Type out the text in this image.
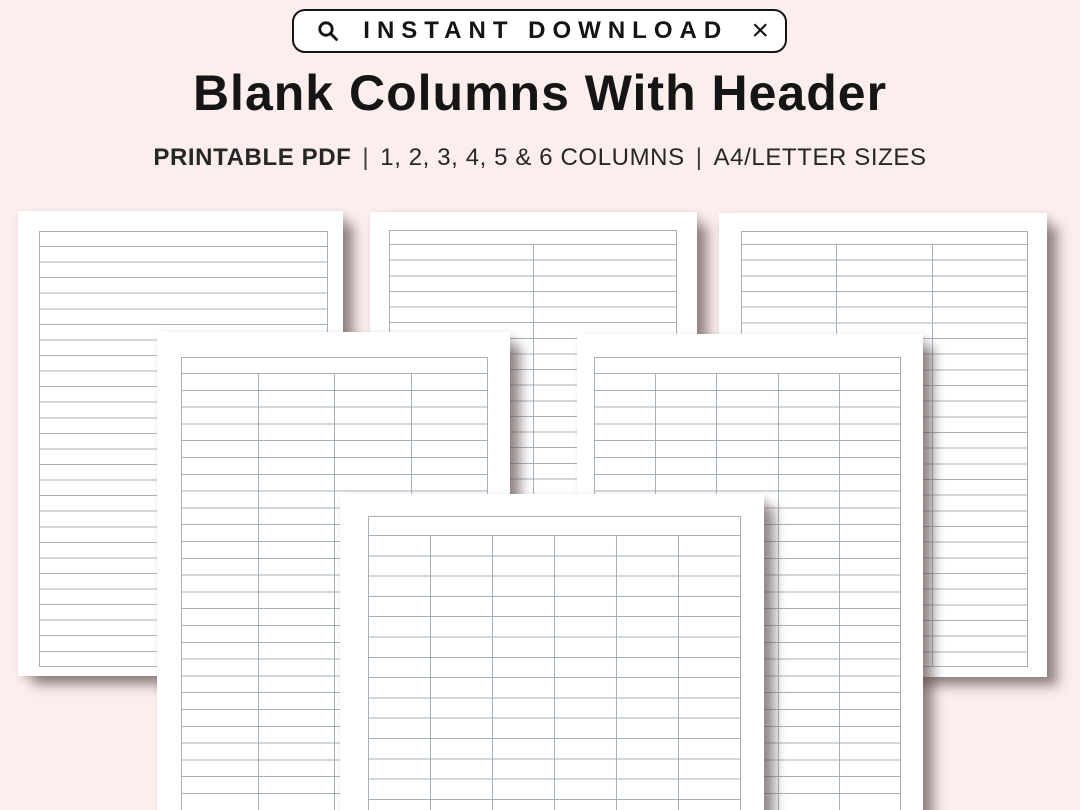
INSTANT DOWNLOAD ×
Blank Columns With Header
PRINTABLE PDF | 1, 2, 3, 4, 5 & 6 COLUMNS | A4/LETTER SIZES
